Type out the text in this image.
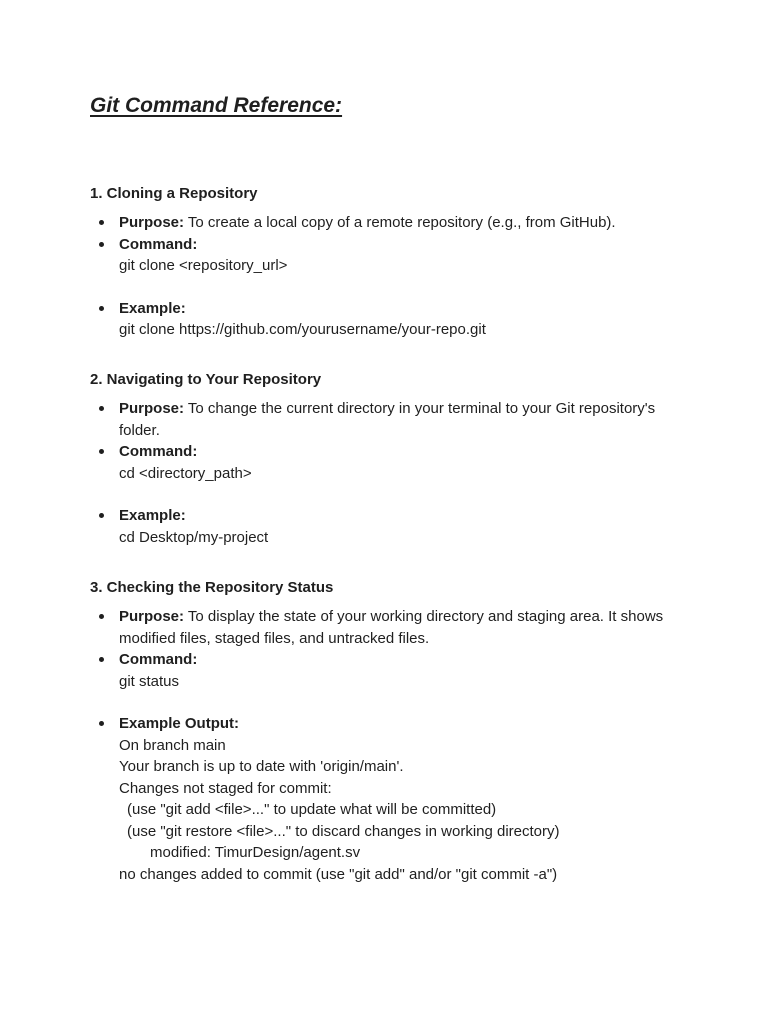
Git Command Reference:
1. Cloning a Repository
Purpose: To create a local copy of a remote repository (e.g., from GitHub).
Command:
git clone <repository_url>
Example:
git clone https://github.com/yourusername/your-repo.git
2. Navigating to Your Repository
Purpose: To change the current directory in your terminal to your Git repository's folder.
Command:
cd <directory_path>
Example:
cd Desktop/my-project
3. Checking the Repository Status
Purpose: To display the state of your working directory and staging area. It shows modified files, staged files, and untracked files.
Command:
git status
Example Output:
On branch main
Your branch is up to date with 'origin/main'.
Changes not staged for commit:
(use "git add <file>..." to update what will be committed)
(use "git restore <file>..." to discard changes in working directory)
modified: TimurDesign/agent.sv
no changes added to commit (use "git add" and/or "git commit -a")
